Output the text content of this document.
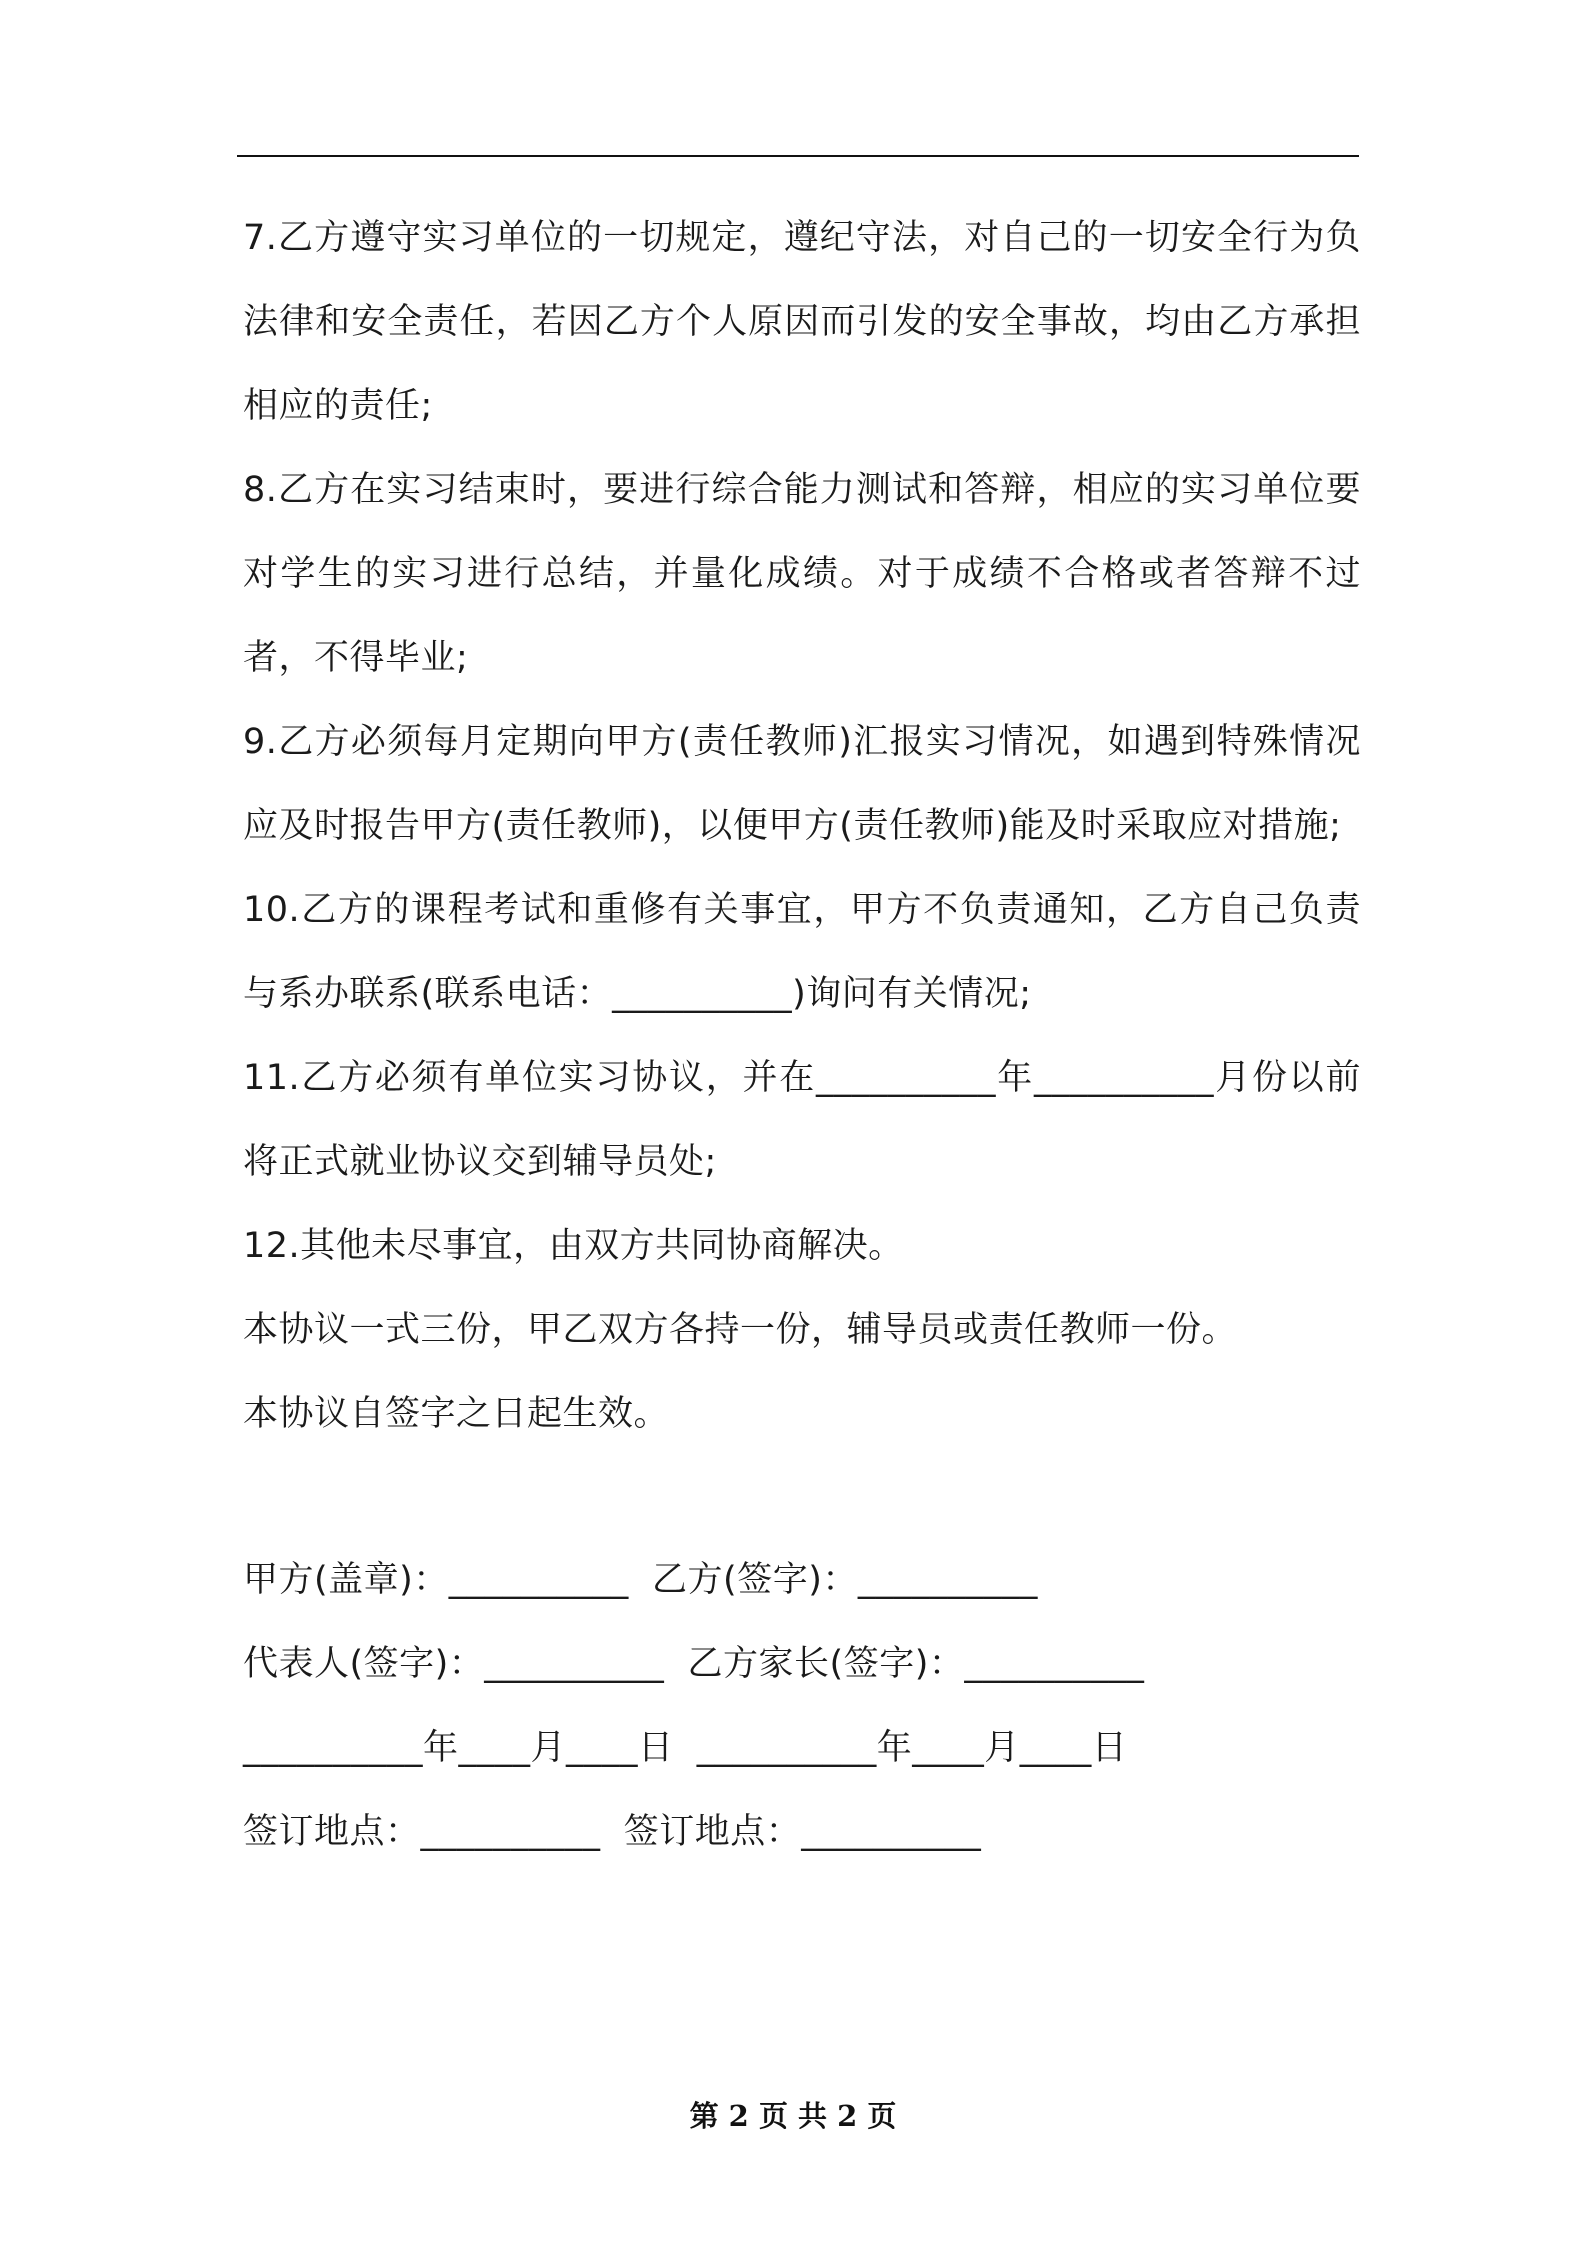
7.乙方遵守实习单位的一切规定，遵纪守法，对自己的一切安全行为负法律和安全责任，若因乙方个人原因而引发的安全事故，均由乙方承担相应的责任;

8.乙方在实习结束时，要进行综合能力测试和答辩，相应的实习单位要对学生的实习进行总结，并量化成绩。对于成绩不合格或者答辩不过者，不得毕业;

9.乙方必须每月定期向甲方(责任教师)汇报实习情况，如遇到特殊情况应及时报告甲方(责任教师)，以便甲方(责任教师)能及时采取应对措施;

10.乙方的课程考试和重修有关事宜，甲方不负责通知，乙方自己负责与系办联系(联系电话：__________)询问有关情况;

11.乙方必须有单位实习协议，并在__________年__________月份以前将正式就业协议交到辅导员处;

12.其他未尽事宜，由双方共同协商解决。

本协议一式三份，甲乙双方各持一份，辅导员或责任教师一份。

本协议自签字之日起生效。

甲方(盖章)：__________  乙方(签字)：__________

代表人(签字)：__________  乙方家长(签字)：__________

__________年____月____日  __________年____月____日

签订地点：__________  签订地点：__________

第 2 页 共 2 页
